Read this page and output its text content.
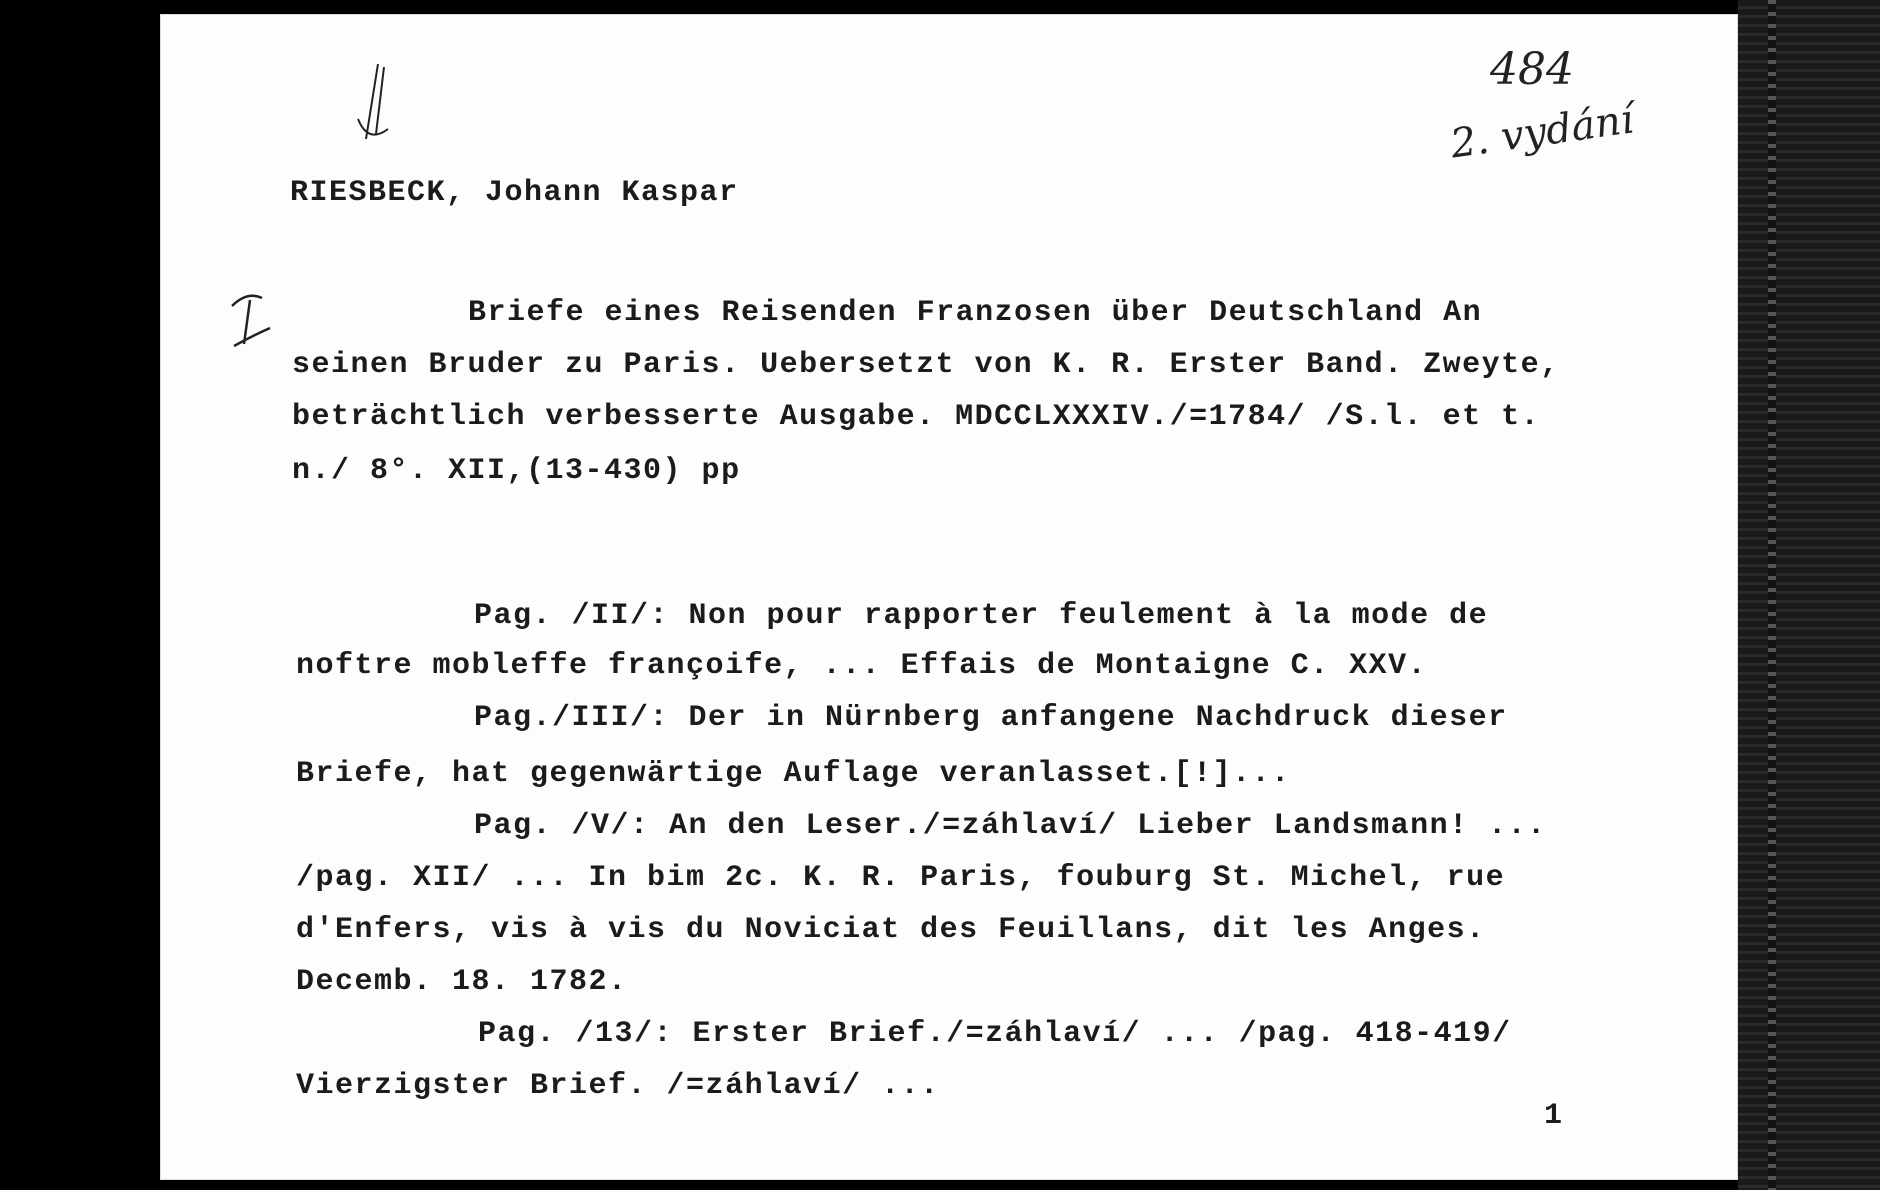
484
2. vydání
RIESBECK, Johann Kaspar
Briefe eines Reisenden Franzosen über Deutschland An
seinen Bruder zu Paris. Uebersetzt von K. R. Erster Band. Zweyte,
beträchtlich verbesserte Ausgabe. MDCCLXXXIV./=1784/ /S.l. et t.
n./ 8°. XII,(13-430) pp
Pag. /II/: Non pour rapporter feulement à la mode de
noftre mobleffe françoife, ... Effais de Montaigne C. XXV.
Pag./III/: Der in Nürnberg anfangene Nachdruck dieser
Briefe, hat gegenwärtige Auflage veranlasset.[!]...
Pag. /V/: An den Leser./=záhlaví/ Lieber Landsmann! ...
/pag. XII/ ... In bim 2c. K. R. Paris, fouburg St. Michel, rue
d'Enfers, vis à vis du Noviciat des Feuillans, dit les Anges.
Decemb. 18. 1782.
Pag. /13/: Erster Brief./=záhlaví/ ... /pag. 418-419/
Vierzigster Brief. /=záhlaví/ ...
1
